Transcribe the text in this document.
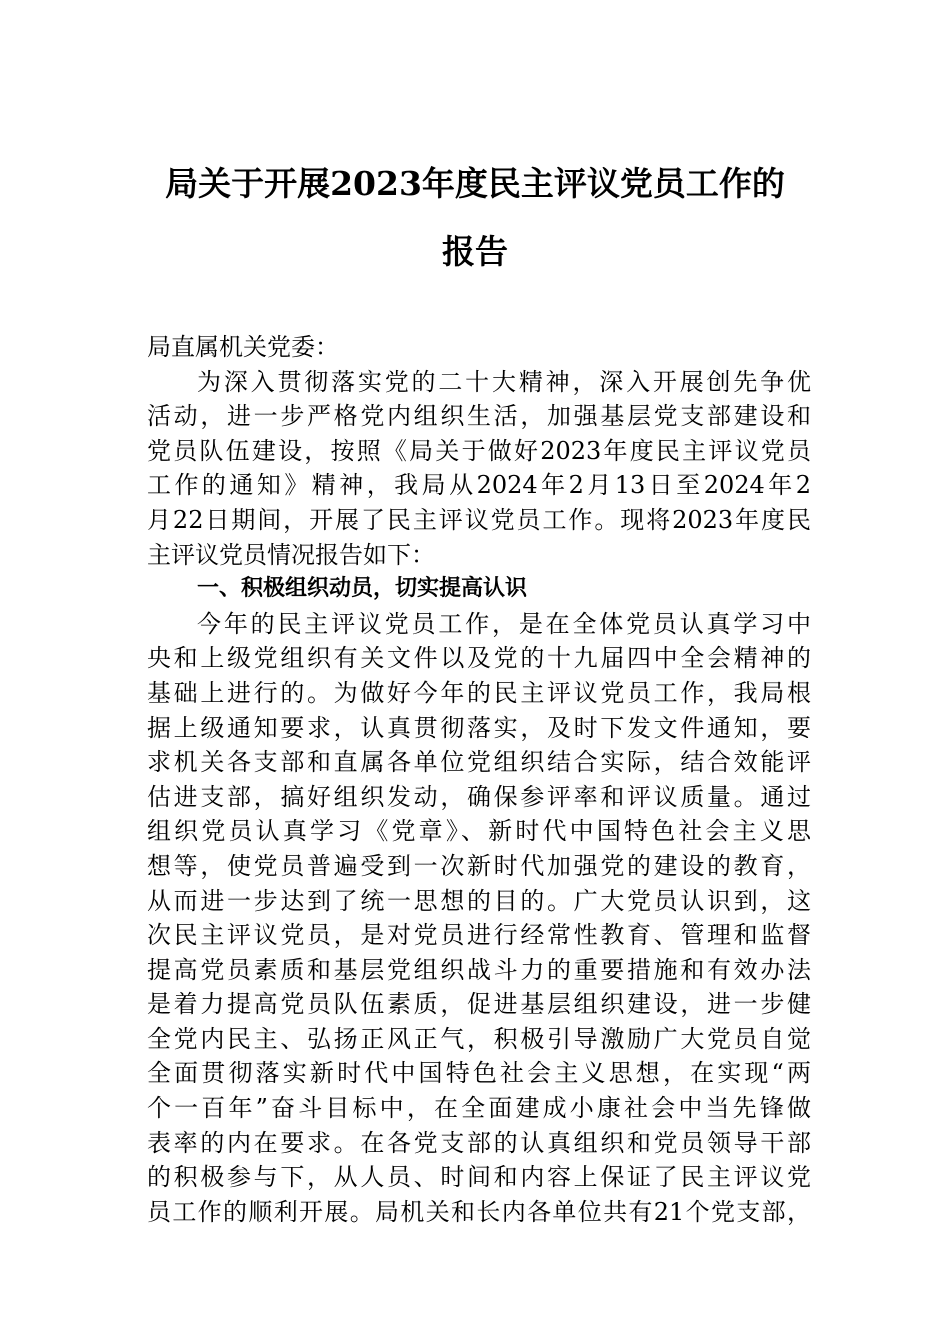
局关于开展2023年度民主评议党员工作的
报告
局直属机关党委：
为深入贯彻落实党的二十大精神，深入开展创先争优
活动，进一步严格党内组织生活，加强基层党支部建设和
党员队伍建设，按照《局关于做好2023年度民主评议党员
工作的通知》精神，我局从2024年2月13日至2024年2
月22日期间，开展了民主评议党员工作。现将2023年度民
主评议党员情况报告如下：
一、积极组织动员，切实提高认识
今年的民主评议党员工作，是在全体党员认真学习中
央和上级党组织有关文件以及党的十九届四中全会精神的
基础上进行的。为做好今年的民主评议党员工作，我局根
据上级通知要求，认真贯彻落实，及时下发文件通知，要
求机关各支部和直属各单位党组织结合实际，结合效能评
估进支部，搞好组织发动，确保参评率和评议质量。通过
组织党员认真学习《党章》、新时代中国特色社会主义思
想等，使党员普遍受到一次新时代加强党的建设的教育，
从而进一步达到了统一思想的目的。广大党员认识到，这
次民主评议党员，是对党员进行经常性教育、管理和监督
提高党员素质和基层党组织战斗力的重要措施和有效办法
是着力提高党员队伍素质，促进基层组织建设，进一步健
全党内民主、弘扬正风正气，积极引导激励广大党员自觉
全面贯彻落实新时代中国特色社会主义思想，在实现“两
个一百年”奋斗目标中，在全面建成小康社会中当先锋做
表率的内在要求。在各党支部的认真组织和党员领导干部
的积极参与下，从人员、时间和内容上保证了民主评议党
员工作的顺利开展。局机关和长内各单位共有21个党支部，
